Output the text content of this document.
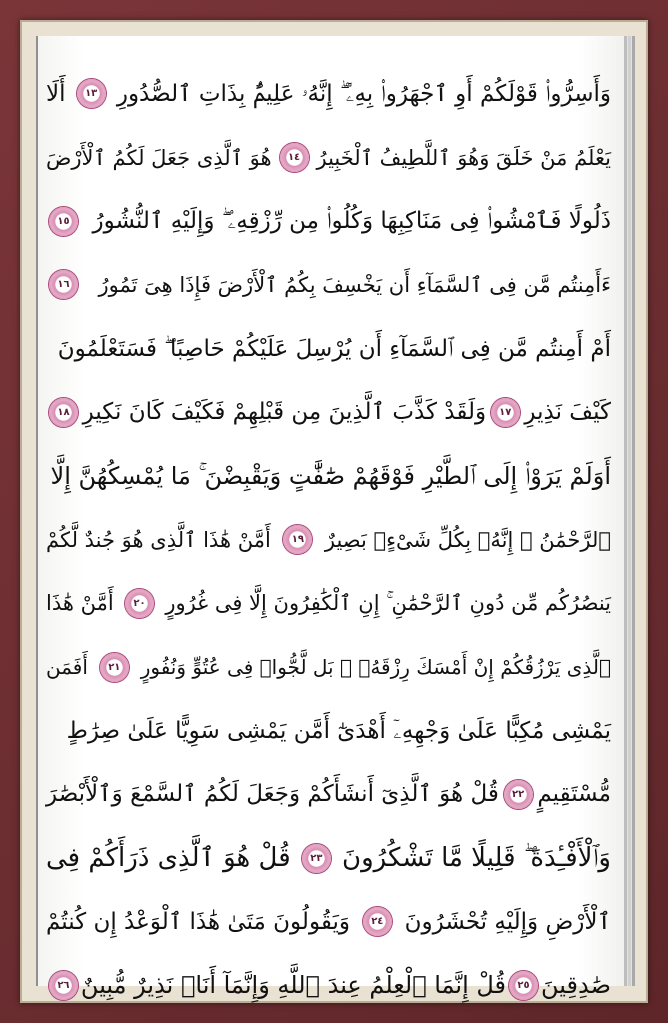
وَأَسِرُّوا۟ قَوْلَكُمْ أَوِ ٱجْهَرُوا۟ بِهِۦٓ ۖ إِنَّهُۥ عَلِيمٌۢ بِذَاتِ ٱلصُّدُورِ
١٣
أَلَا
يَعْلَمُ مَنْ خَلَقَ وَهُوَ ٱللَّطِيفُ ٱلْخَبِيرُ
١٤
هُوَ ٱلَّذِى جَعَلَ لَكُمُ ٱلْأَرْضَ
ذَلُولًا فَٱمْشُوا۟ فِى مَنَاكِبِهَا وَكُلُوا۟ مِن رِّزْقِهِۦ ۖ وَإِلَيْهِ ٱلنُّشُورُ
١٥
ءَأَمِنتُم مَّن فِى ٱلسَّمَآءِ أَن يَخْسِفَ بِكُمُ ٱلْأَرْضَ فَإِذَا هِىَ تَمُورُ
١٦
أَمْ أَمِنتُم مَّن فِى ٱلسَّمَآءِ أَن يُرْسِلَ عَلَيْكُمْ حَاصِبًا ۖ فَسَتَعْلَمُونَ
كَيْفَ نَذِيرِ
١٧
وَلَقَدْ كَذَّبَ ٱلَّذِينَ مِن قَبْلِهِمْ فَكَيْفَ كَانَ نَكِيرِ
١٨
أَوَلَمْ يَرَوْا۟ إِلَى ٱلطَّيْرِ فَوْقَهُمْ صَٰٓفَّٰتٍ وَيَقْبِضْنَ ۚ مَا يُمْسِكُهُنَّ إِلَّا
ٱلرَّحْمَٰنُ ۚ إِنَّهُۥ بِكُلِّ شَىْءٍۭ بَصِيرٌ
١٩
أَمَّنْ هَٰذَا ٱلَّذِى هُوَ جُندٌ لَّكُمْ
يَنصُرُكُم مِّن دُونِ ٱلرَّحْمَٰنِ ۚ إِنِ ٱلْكَٰفِرُونَ إِلَّا فِى غُرُورٍ
٢٠
أَمَّنْ هَٰذَا
ٱلَّذِى يَرْزُقُكُمْ إِنْ أَمْسَكَ رِزْقَهُۥ ۚ بَل لَّجُّوا۟ فِى عُتُوٍّ وَنُفُورٍ
٢١
أَفَمَن
يَمْشِى مُكِبًّا عَلَىٰ وَجْهِهِۦٓ أَهْدَىٰٓ أَمَّن يَمْشِى سَوِيًّا عَلَىٰ صِرَٰطٍ
مُّسْتَقِيمٍ
٢٢
قُلْ هُوَ ٱلَّذِىٓ أَنشَأَكُمْ وَجَعَلَ لَكُمُ ٱلسَّمْعَ وَٱلْأَبْصَٰرَ
وَٱلْأَفْـِٔدَةَ ۖ قَلِيلًا مَّا تَشْكُرُونَ
٢٣
قُلْ هُوَ ٱلَّذِى ذَرَأَكُمْ فِى
ٱلْأَرْضِ وَإِلَيْهِ تُحْشَرُونَ
٢٤
وَيَقُولُونَ مَتَىٰ هَٰذَا ٱلْوَعْدُ إِن كُنتُمْ
صَٰدِقِينَ
٢٥
قُلْ إِنَّمَا ٱلْعِلْمُ عِندَ ٱللَّهِ وَإِنَّمَآ أَنَا۠ نَذِيرٌ مُّبِينٌ
٢٦
